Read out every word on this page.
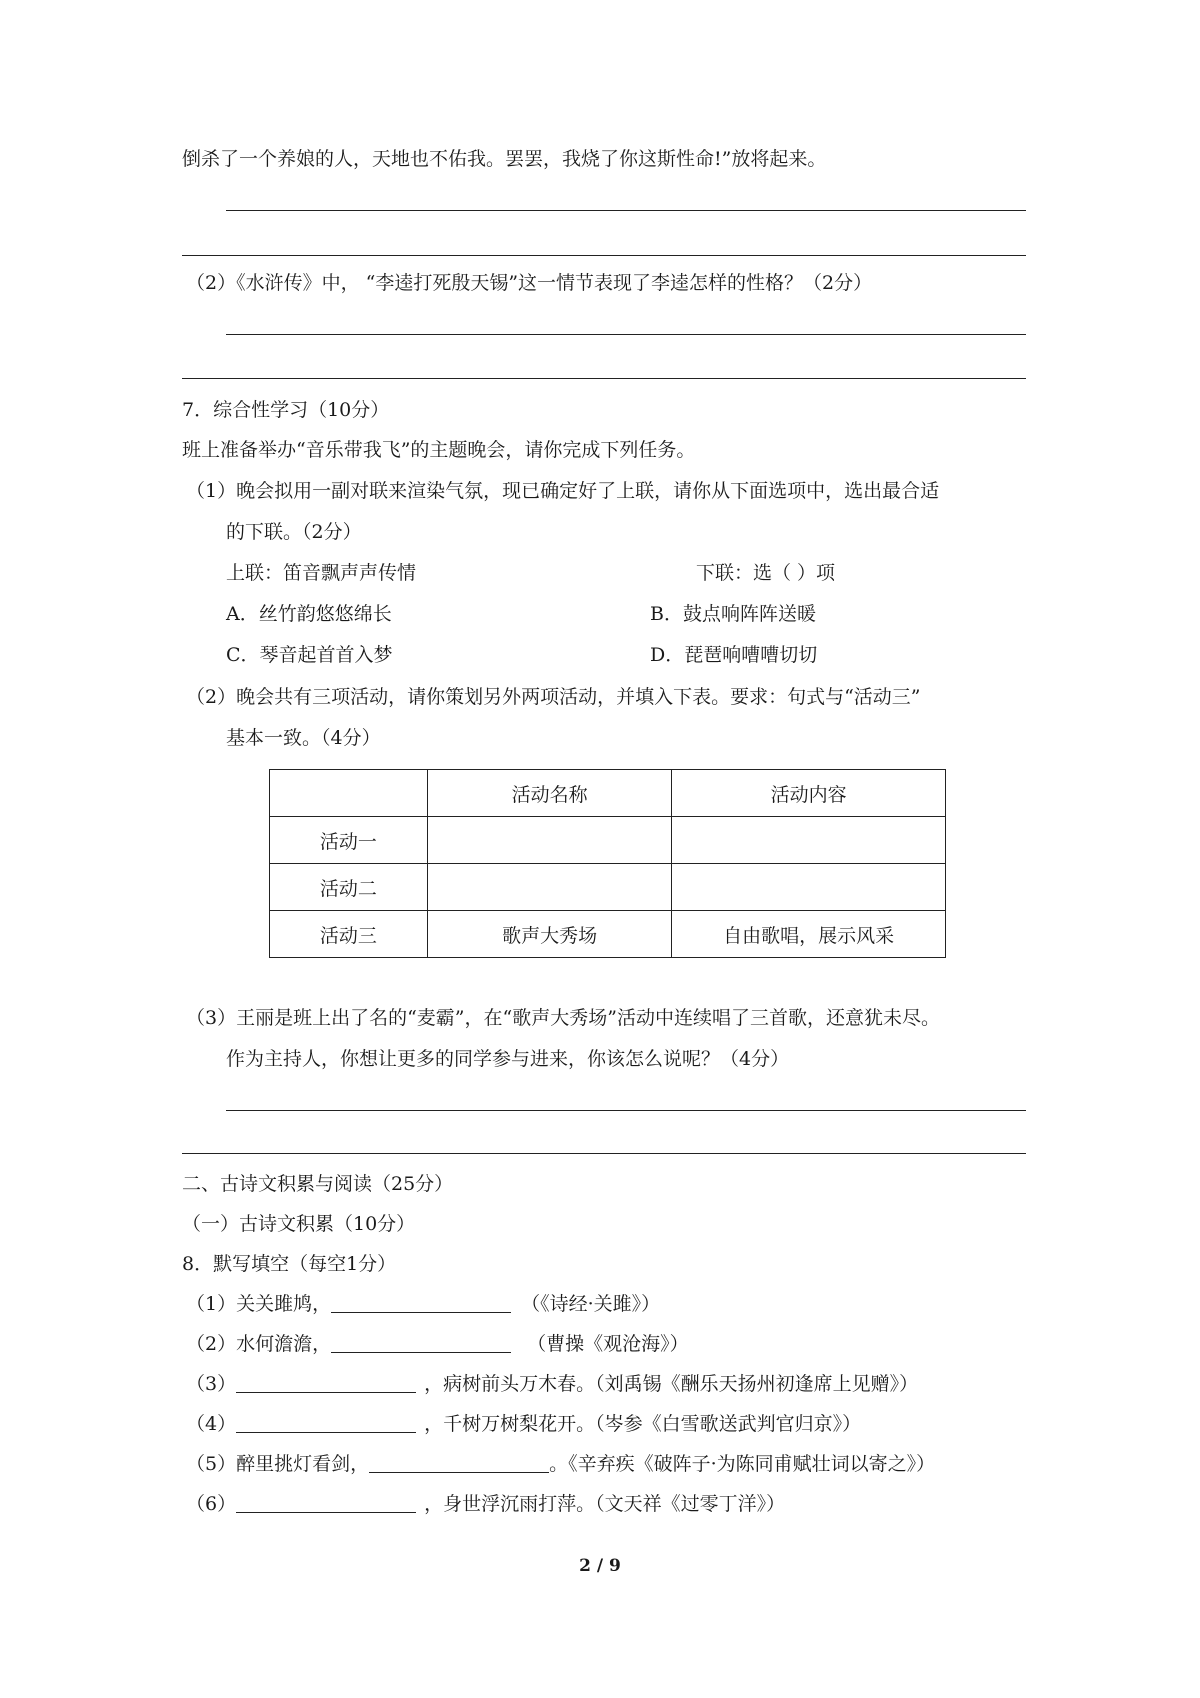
倒杀了一个养娘的人，天地也不佑我。罢罢，我烧了你这斯性命!”放将起来。
（2）《水浒传》中， “李逵打死殷天锡”这一情节表现了李逵怎样的性格？（2分）
7．综合性学习（10分）
班上准备举办“音乐带我飞”的主题晚会，请你完成下列任务。
（1）晚会拟用一副对联来渲染气氛，现已确定好了上联，请你从下面选项中，选出最合适
的下联。（2分）
上联：笛音飘声声传情	下联：选（ ）项
A．丝竹韵悠悠绵长	B．鼓点响阵阵送暖
C．琴音起首首入梦	D．琵琶响嘈嘈切切
（2）晚会共有三项活动，请你策划另外两项活动，并填入下表。要求：句式与“活动三”
基本一致。（4分）
	活动名称	活动内容
活动一		
活动二		
活动三	歌声大秀场	自由歌唱，展示风采
（3）王丽是班上出了名的“麦霸”，在“歌声大秀场”活动中连续唱了三首歌，还意犹未尽。
作为主持人，你想让更多的同学参与进来，你该怎么说呢？（4分）
二、古诗文积累与阅读（25分）
（一）古诗文积累（10分）
8．默写填空（每空1分）
（1）关关雎鸠，	（《诗经·关雎》）
（2）水何澹澹，	（曹操《观沧海》）
（3）	，病树前头万木春。（刘禹锡《酬乐天扬州初逢席上见赠》）
（4）	，千树万树梨花开。（岑参《白雪歌送武判官归京》）
（5）醉里挑灯看剑，	。《辛弃疾《破阵子·为陈同甫赋壮词以寄之》）
（6）	，身世浮沉雨打萍。（文天祥《过零丁洋》）
2 / 9
